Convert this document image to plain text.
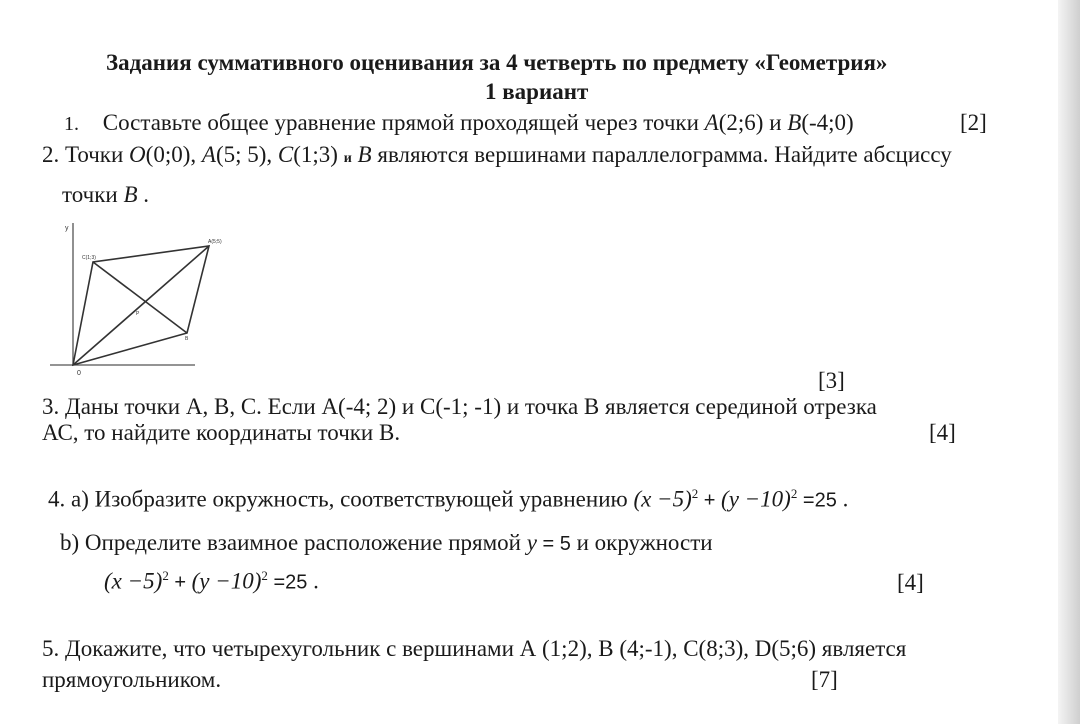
Задания суммативного оценивания за 4 четверть по предмету «Геометрия»
1 вариант
1. Составьте общее уравнение прямой проходящей через точки A(2;6) и B(-4;0)	[2]
2. Точки O(0;0), A(5; 5), C(1;3) и B являются вершинами параллелограмма. Найдите абсциссу
точки B .
y
0
A(5;5)
C(1;3)
P
B
[3]
3. Даны точки А, В, С. Если А(-4; 2) и С(-1; -1) и точка В является серединой отрезка
АС, то найдите координаты точки В.	[4]
4. а) Изобразите окружность, соответствующей уравнению $(x -5)^2 + (y -10)^2 =25$ .
b) Определите взаимное расположение прямой y = 5 и окружности
$(x -5)^2 + (y -10)^2 =25$ .	[4]
5. Докажите, что четырехугольник с вершинами А (1;2), В (4;-1), С(8;3), D(5;6) является
прямоугольником.	[7]
